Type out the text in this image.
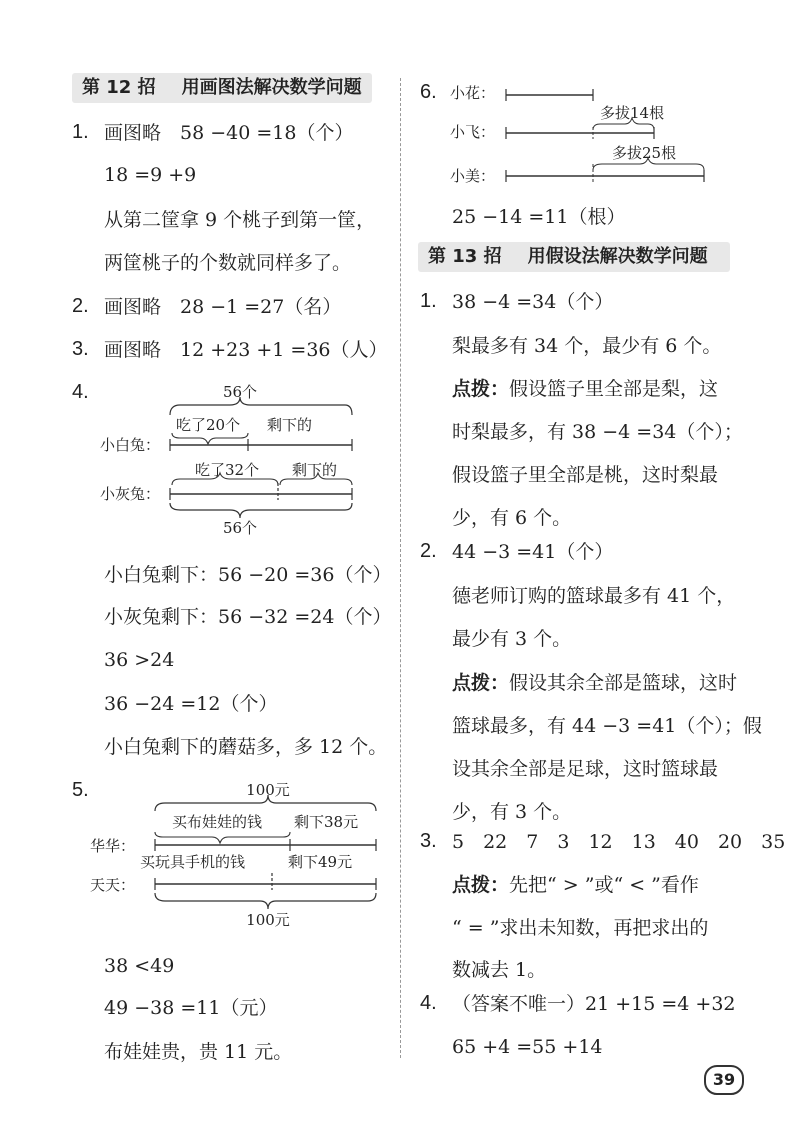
第 12 招 用画图法解决数学问题
1. 画图略　58 −40 =18（个）
18 =9 +9
从第二筐拿 9 个桃子到第一筐，
两筐桃子的个数就同样多了。
2. 画图略　28 −1 =27（名）
3. 画图略　12 +23 +1 =36（人）
4.	56个
吃了20个 剩下的
小白兔：
吃了32个 剩下的
小灰兔：
56个
小白兔剩下：56 −20 =36（个）
小灰兔剩下：56 −32 =24（个）
36 >24
36 −24 =12（个）
小白兔剩下的蘑菇多，多 12 个。
5.	100元
买布娃娃的钱 剩下38元
华华：
买玩具手机的钱	剩下49元
天天：
100元
38 <49
49 −38 =11（元）
布娃娃贵，贵 11 元。
6. 小花：
多拔14根
小飞：
多拔25根
小美：
25 −14 =11（根）
第 13 招 用假设法解决数学问题
1. 38 −4 =34（个）
梨最多有 34 个，最少有 6 个。
点拨：假设篮子里全部是梨，这
时梨最多，有 38 −4 =34（个）；
假设篮子里全部是桃，这时梨最
少，有 6 个。
2. 44 −3 =41（个）
德老师订购的篮球最多有 41 个，
最少有 3 个。
点拨：假设其余全部是篮球，这时
篮球最多，有 44 −3 =41（个）；假
设其余全部是足球，这时篮球最
少，有 3 个。
3. 5　22　7　3　12　13　40　20　35
点拨：先把“ > ”或“ < ”看作
“ = ”求出未知数，再把求出的
数减去 1。
4. （答案不唯一）21 +15 =4 +32
65 +4 =55 +14
39
